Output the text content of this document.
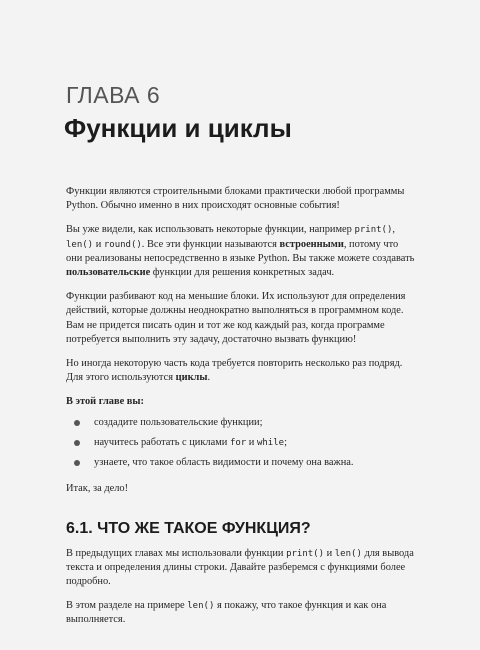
ГЛАВА 6
Функции и циклы

Функции являются строительными блоками практически любой программы Python. Обычно именно в них происходят основные события!

Вы уже видели, как использовать некоторые функции, например print(), len() и round(). Все эти функции называются встроенными, потому что они реализованы непосредственно в языке Python. Вы также можете создавать пользовательские функции для решения конкретных задач.

Функции разбивают код на меньшие блоки. Их используют для определения действий, которые должны неоднократно выполняться в программном коде. Вам не придется писать один и тот же код каждый раз, когда программе потребуется выполнить эту задачу, достаточно вызвать функцию!

Но иногда некоторую часть кода требуется повторить несколько раз подряд. Для этого используются циклы.

В этой главе вы:

создадите пользовательские функции;
научитесь работать с циклами for и while;
узнаете, что такое область видимости и почему она важна.

Итак, за дело!

6.1. ЧТО ЖЕ ТАКОЕ ФУНКЦИЯ?

В предыдущих главах мы использовали функции print() и len() для вывода текста и определения длины строки. Давайте разберемся с функциями более подробно.

В этом разделе на примере len() я покажу, что такое функция и как она выполняется.
